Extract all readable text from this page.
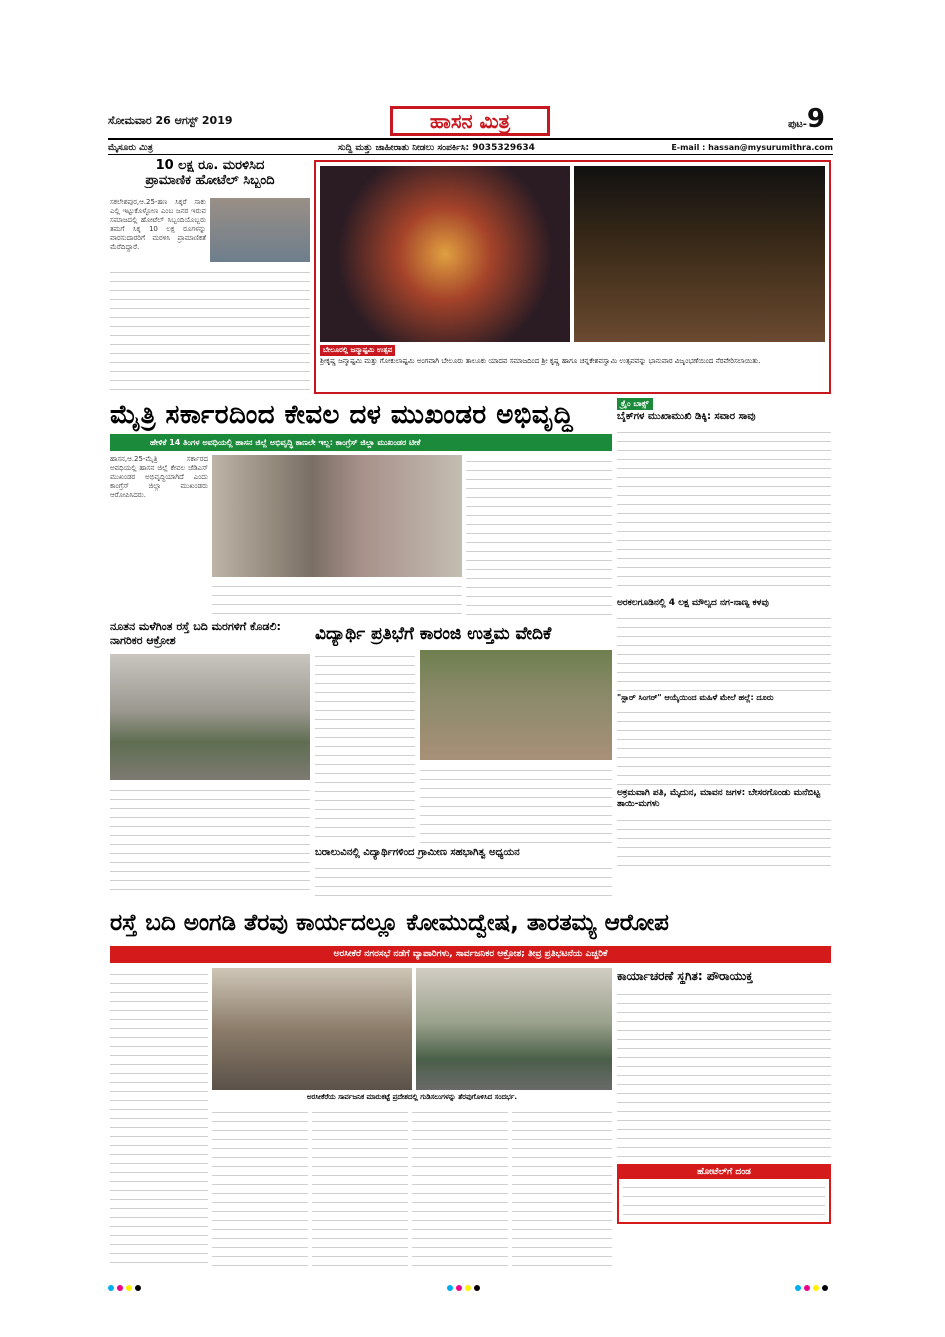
ಸೋಮವಾರ 26 ಆಗಸ್ಟ್ 2019	ಹಾಸನ ಮಿತ್ರ	ಪುಟ-9
ಮೈಸೂರು ಮಿತ್ರ	ಸುದ್ದಿ ಮತ್ತು ಜಾಹೀರಾತು ನೀಡಲು ಸಂಪರ್ಕಿಸಿ: 9035329634	E-mail : hassan@mysurumithra.com
10 ಲಕ್ಷ ರೂ. ಮರಳಿಸಿದ
ಪ್ರಾಮಾಣಿಕ ಹೋಟೆಲ್ ಸಿಬ್ಬಂದಿ
ಸಕಲೇಶಪುರ,ಆ.25-ಹಣ ಸಿಕ್ಕರೆ ಸಾಕು ಎಲ್ಲಿ ಇಟ್ಟುಕೊಳ್ಳೋಣ ಎಂಬ ಜನರ ಇರುವ ಸಮಾಜದಲ್ಲಿ ಹೋಟೆಲ್ ಸಿಬ್ಬಂದಿಯೊಬ್ಬರು ತಮಗೆ ಸಿಕ್ಕ 10 ಲಕ್ಷ ರೂಗಳನ್ನು ವಾರಸುದಾರರಿಗೆ ಮರಳಿಸಿ ಪ್ರಾಮಾಣಿಕತೆ ಮೆರೆದಿದ್ದಾರೆ.
ಬೇಲೂರಲ್ಲಿ ಜನ್ಮಾಷ್ಟಮಿ ಉತ್ಸವ
ಶ್ರೀಕೃಷ್ಣ ಜನ್ಮಾಷ್ಟಮಿ ಮತ್ತು ಗೋಕುಲಾಷ್ಟಮಿ ಅಂಗವಾಗಿ ಬೇಲೂರು ತಾಲೂಕು ಯಾದವ ಸಮಾಜದಿಂದ ಶ್ರೀ ಕೃಷ್ಣ ಹಾಗೂ ಚನ್ನಕೇಶವಸ್ವಾಮಿ ಉತ್ಸವವನ್ನು ಭಾನುವಾರ ವಿಜೃಂಭಣೆಯಿಂದ ನೆರವೇರಿಸಲಾಯಿತು.
ಮೈತ್ರಿ ಸರ್ಕಾರದಿಂದ ಕೇವಲ ದಳ ಮುಖಂಡರ ಅಭಿವೃದ್ಧಿ
ಹೇಳಿಕೆ 14 ತಿಂಗಳ ಅವಧಿಯಲ್ಲಿ ಹಾಸನ ಜಿಲ್ಲೆ ಅಭಿವೃದ್ಧಿ ಕಾಣಲೇ ಇಲ್ಲ: ಕಾಂಗ್ರೆಸ್ ಜಿಲ್ಲಾ ಮುಖಂಡರ ಟೀಕೆ
ಹಾಸನ,ಆ.25-ಮೈತ್ರಿ ಸರ್ಕಾರದ ಅವಧಿಯಲ್ಲಿ ಹಾಸನ ಜಿಲ್ಲೆ ಕೇವಲ ಜೆಡಿಎಸ್ ಮುಖಂಡರ ಅಭಿವೃದ್ಧಿಯಾಗಿದೆ ಎಂದು ಕಾಂಗ್ರೆಸ್ ಜಿಲ್ಲಾ ಮುಖಂಡರು ಆರೋಪಿಸಿದರು.
ಕ್ರೈಂ ಬಾಕ್ಸ್
ಬೈಕ್‌ಗಳ ಮುಖಾಮುಖಿ ಡಿಕ್ಕಿ: ಸವಾರ ಸಾವು
ಅರಕಲಗೂಡಿನಲ್ಲಿ 4 ಲಕ್ಷ ಮೌಲ್ಯದ ನಗ-ನಾಣ್ಯ ಕಳವು
"ಸ್ಪಾರ್ ಸಿಂಗರ್" ಆಯ್ಕೆಯಿಂದ ಮಹಿಳೆ ಮೇಲೆ ಹಲ್ಲೆ: ದೂರು
ಅಕ್ರಮವಾಗಿ ಪತಿ, ಮೈದುನ, ಮಾವನ ಜಗಳ: ಬೇಸರಗೊಂಡು ಮನೆಬಿಟ್ಟ ತಾಯಿ-ಮಗಳು
ನೂತನ ಮಳೆಗಿಂತ ರಸ್ತೆ ಬದಿ ಮರಗಳಿಗೆ ಕೊಡಲಿ: ನಾಗರಿಕರ ಆಕ್ರೋಶ	ವಿದ್ಯಾರ್ಥಿ ಪ್ರತಿಭೆಗೆ ಕಾರಂಜಿ ಉತ್ತಮ ವೇದಿಕೆ
ಬರಾಲುವಿನಲ್ಲಿ ವಿದ್ಯಾರ್ಥಿಗಳಿಂದ ಗ್ರಾಮೀಣ ಸಹಭಾಗಿತ್ವ ಅಧ್ಯಯನ
ರಸ್ತೆ ಬದಿ ಅಂಗಡಿ ತೆರವು ಕಾರ್ಯದಲ್ಲೂ ಕೋಮುದ್ವೇಷ, ತಾರತಮ್ಯ ಆರೋಪ
ಅರಸೀಕೆರೆ ನಗರಸಭೆ ನಡೆಗೆ ವ್ಯಾಪಾರಿಗಳು, ಸಾರ್ವಜನಿಕರ ಆಕ್ರೋಶ; ತೀವ್ರ ಪ್ರತಿಭಟನೆಯ ಎಚ್ಚರಿಕೆ
ಅರಸೀಕೆರೆಯ ಸಾರ್ವಜನಿಕ ಮಾರುಕಟ್ಟೆ ಪ್ರದೇಶದಲ್ಲಿ ಗುಡಿಸಲುಗಳನ್ನು ತೆರವುಗೊಳಿಸಿದ ಸಂದರ್ಭ.
ಕಾರ್ಯಾಚರಣೆ ಸ್ಥಗಿತ: ಪೌರಾಯುಕ್ತ
ಹೋಟೆಲ್‌ಗೆ ದಂಡ
